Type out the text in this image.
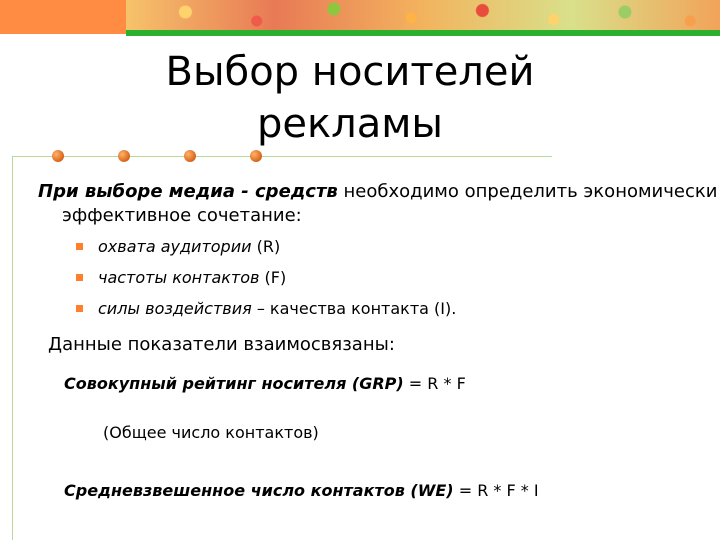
Выбор носителей рекламы
При выборе медиа - средств необходимо определить экономически эффективное сочетание:
охвата аудитории (R)
частоты контактов (F)
силы воздействия – качества контакта (I).
Данные показатели взаимосвязаны:
Совокупный рейтинг носителя (GRP) = R * F
(Общее число контактов)
Средневзвешенное число контактов (WE) = R * F * I
